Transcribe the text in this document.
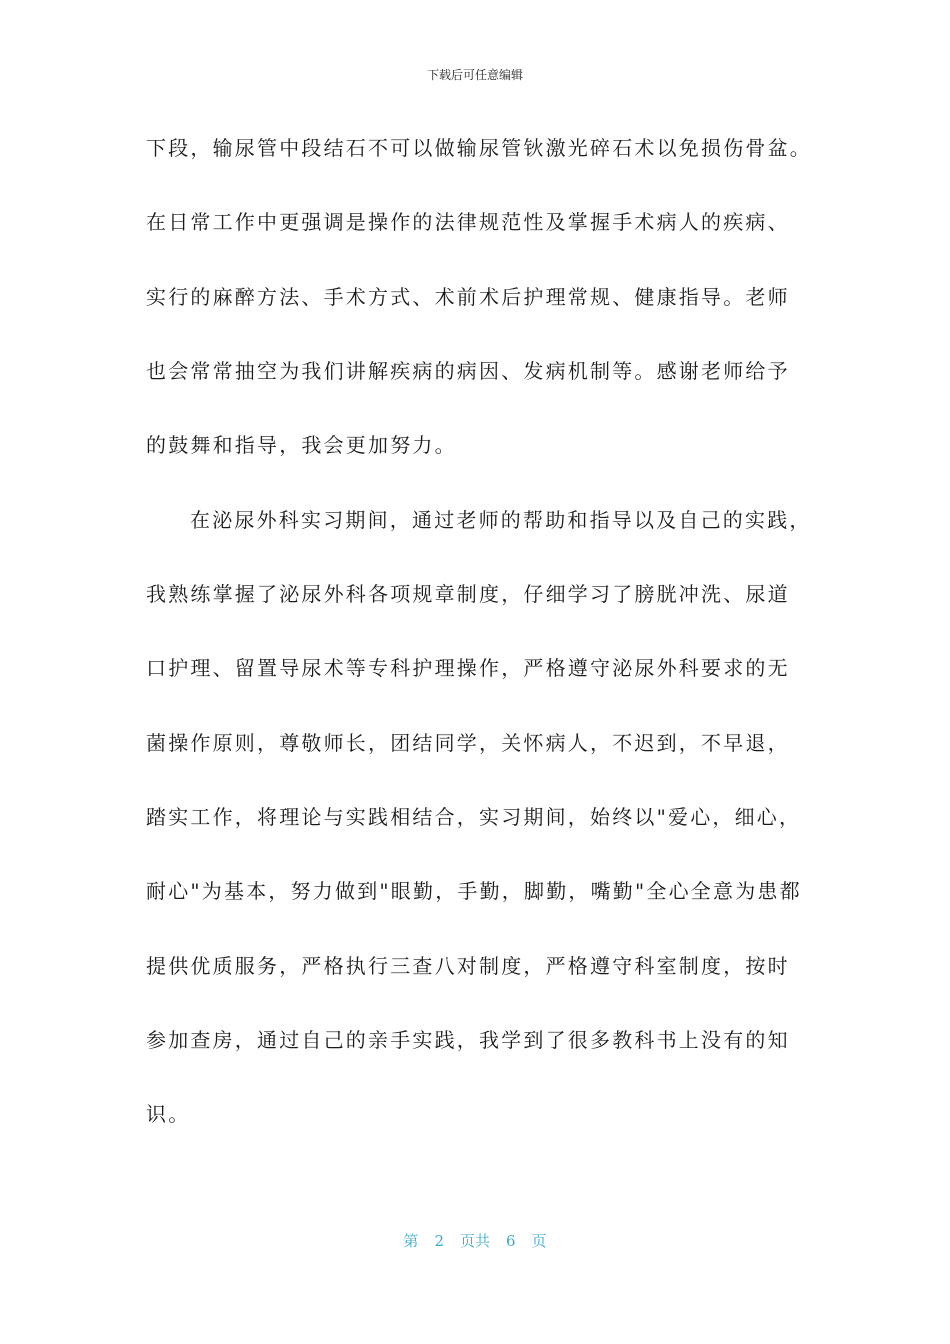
下载后可任意编辑
下段，输尿管中段结石不可以做输尿管钬激光碎石术以免损伤骨盆。
在日常工作中更强调是操作的法律规范性及掌握手术病人的疾病、
实行的麻醉方法、手术方式、术前术后护理常规、健康指导。老师
也会常常抽空为我们讲解疾病的病因、发病机制等。感谢老师给予
的鼓舞和指导，我会更加努力。
在泌尿外科实习期间，通过老师的帮助和指导以及自己的实践，
我熟练掌握了泌尿外科各项规章制度，仔细学习了膀胱冲洗、尿道
口护理、留置导尿术等专科护理操作，严格遵守泌尿外科要求的无
菌操作原则，尊敬师长，团结同学，关怀病人，不迟到，不早退，
踏实工作，将理论与实践相结合，实习期间，始终以"爱心，细心，
耐心"为基本，努力做到"眼勤，手勤，脚勤，嘴勤"全心全意为患都
提供优质服务，严格执行三查八对制度，严格遵守科室制度，按时
参加查房，通过自己的亲手实践，我学到了很多教科书上没有的知
识。
第 2 页共 6 页
